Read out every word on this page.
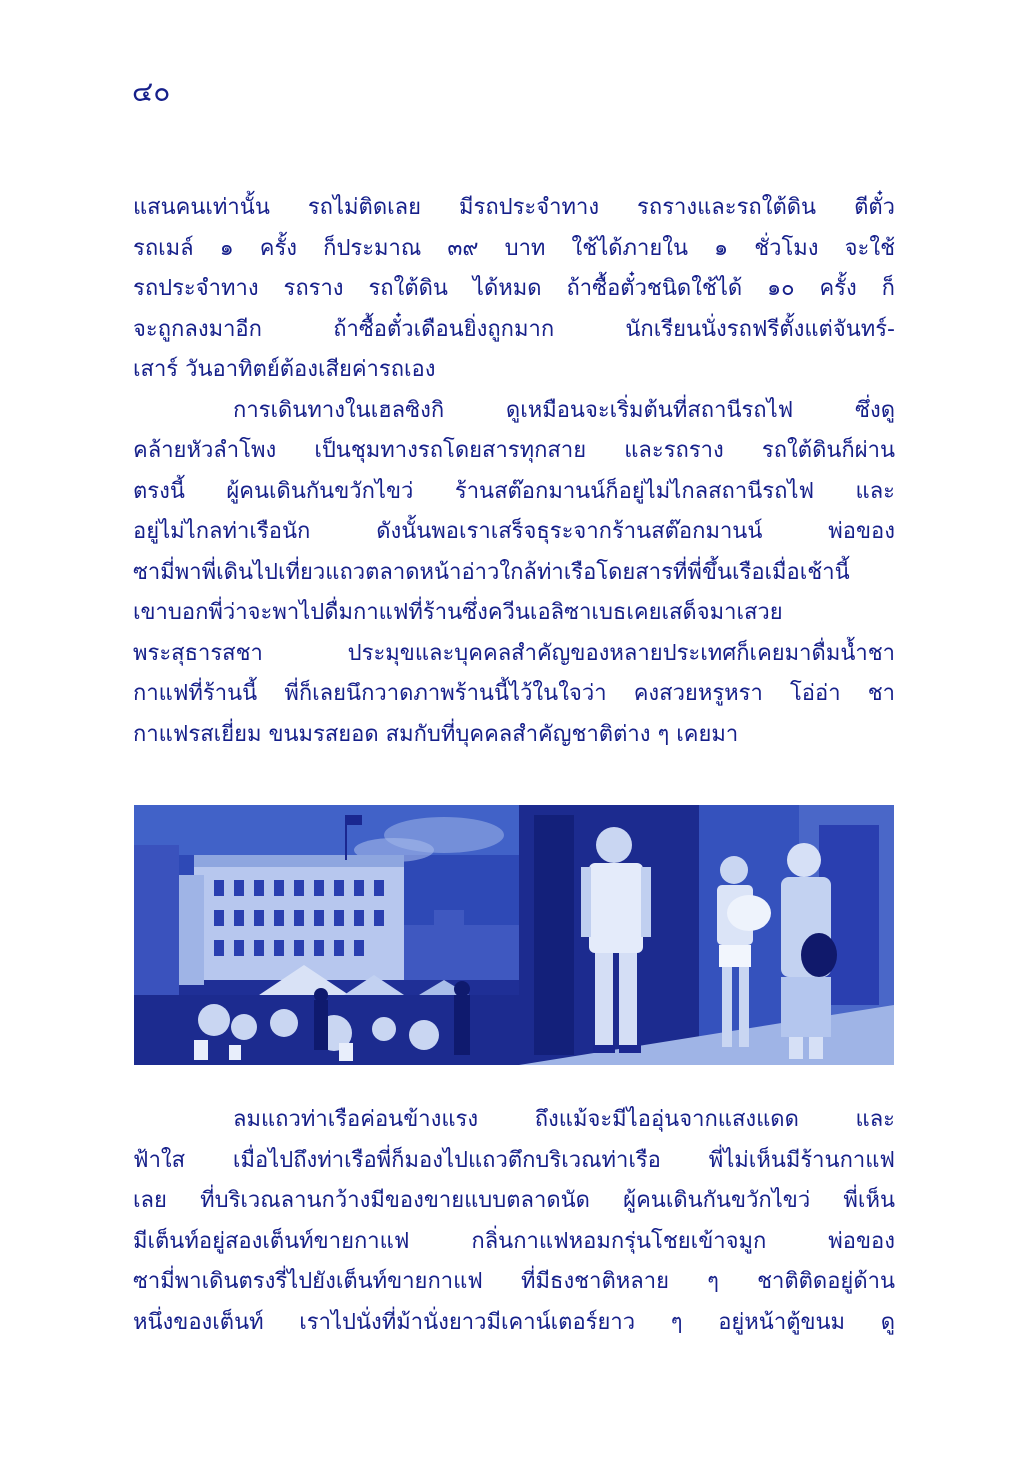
๔๐
แสนคนเท่านั้น รถไม่ติดเลย มีรถประจำทาง รถรางและรถใต้ดิน ตีตั๋ว
รถเมล์ ๑ ครั้ง ก็ประมาณ ๓๙ บาท ใช้ได้ภายใน ๑ ชั่วโมง จะใช้
รถประจำทาง รถราง รถใต้ดิน ได้หมด ถ้าซื้อตั๋วชนิดใช้ได้ ๑๐ ครั้ง ก็
จะถูกลงมาอีก ถ้าซื้อตั๋วเดือนยิ่งถูกมาก นักเรียนนั่งรถฟรีตั้งแต่จันทร์-
เสาร์ วันอาทิตย์ต้องเสียค่ารถเอง
การเดินทางในเฮลซิงกิ ดูเหมือนจะเริ่มต้นที่สถานีรถไฟ ซึ่งดู
คล้ายหัวลำโพง เป็นชุมทางรถโดยสารทุกสาย และรถราง รถใต้ดินก็ผ่าน
ตรงนี้ ผู้คนเดินกันขวักไขว่ ร้านสต๊อกมานน์ก็อยู่ไม่ไกลสถานีรถไฟ และ
อยู่ไม่ไกลท่าเรือนัก ดังนั้นพอเราเสร็จธุระจากร้านสต๊อกมานน์ พ่อของ
ซามี่พาพี่เดินไปเที่ยวแถวตลาดหน้าอ่าวใกล้ท่าเรือโดยสารที่พี่ขึ้นเรือเมื่อเช้านี้
เขาบอกพี่ว่าจะพาไปดื่มกาแฟที่ร้านซึ่งควีนเอลิซาเบธเคยเสด็จมาเสวย
พระสุธารสชา ประมุขและบุคคลสำคัญของหลายประเทศก็เคยมาดื่มน้ำชา
กาแฟที่ร้านนี้ พี่ก็เลยนึกวาดภาพร้านนี้ไว้ในใจว่า คงสวยหรูหรา โอ่อ่า ชา
กาแฟรสเยี่ยม ขนมรสยอด สมกับที่บุคคลสำคัญชาติต่าง ๆ เคยมา
ลมแถวท่าเรือค่อนข้างแรง ถึงแม้จะมีไออุ่นจากแสงแดด และ
ฟ้าใส เมื่อไปถึงท่าเรือพี่ก็มองไปแถวตึกบริเวณท่าเรือ พี่ไม่เห็นมีร้านกาแฟ
เลย ที่บริเวณลานกว้างมีของขายแบบตลาดนัด ผู้คนเดินกันขวักไขว่ พี่เห็น
มีเต็นท์อยู่สองเต็นท์ขายกาแฟ กลิ่นกาแฟหอมกรุ่นโชยเข้าจมูก พ่อของ
ซามี่พาเดินตรงรี่ไปยังเต็นท์ขายกาแฟ ที่มีธงชาติหลาย ๆ ชาติติดอยู่ด้าน
หนึ่งของเต็นท์ เราไปนั่งที่ม้านั่งยาวมีเคาน์เตอร์ยาว ๆ อยู่หน้าตู้ขนม ดู
